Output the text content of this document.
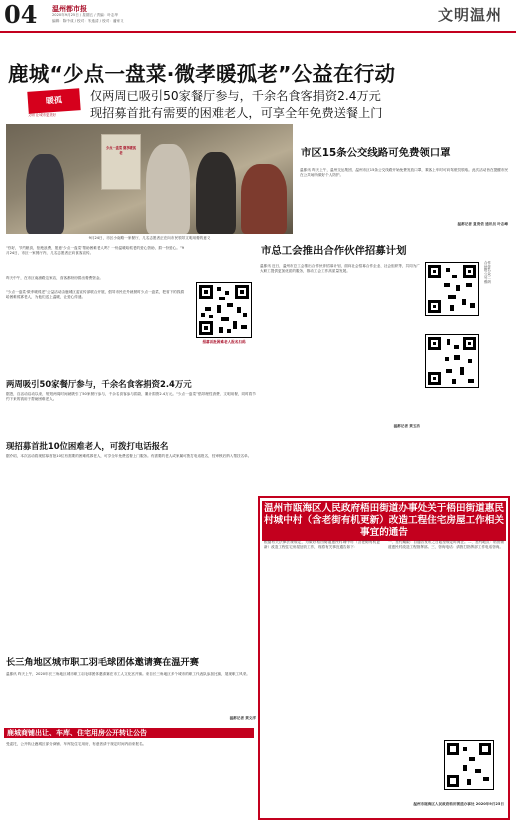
04 温州都市报
2020年9月25日 / 星期五 / 责编：叶志华
编辑：陈中成 / 校对：朱逸清 / 校对：潘家义	文明温州
鹿城“少点一盘菜·微孝暖孤老”公益在行动
暖孤
文明 让城市更美好
仅两周已吸引50家餐厅参与，千余名食客捐资2.4万元
现招募首批有需要的困难老人，可享全年免费送餐上门
少点一盘菜 微孝暖孤老
9月24日，市区小南路一家餐厅，几名志愿者正在向市民领导文明用餐的意义
“你好，节约粮食，拒绝浪费，愿意‘少点一盘菜’帮助困难老人吗？一份温暖给孤老的爱心资助，捐一份爱心。”9月24日，市区一家餐厅内，几名志愿者正向食客宣传。
昨天中午，在市区南浦路这家店，食客都纷纷捐出餐费资金。
“少点一盘菜·微孝暖孤老”公益活动由鹿城区委宣传部联合开展，倡导市民在外就餐时少点一盘菜，把省下的钱捐给困难孤寡老人，为他们送上温暖，让爱心传递。
招募首批困难老人报名扫码
两周吸引50家餐厅参与，千余名食客捐资2.4万元
据悉，自活动启动以来，短短两周时间就吸引了50家餐厅参与，千余名食客参与捐款，累计捐资2.4万元。“少点一盘菜”倡导理性消费、文明用餐，同时将节约下来的钱用于帮助困难老人。
现招募首批10位困难老人，可拨打电话报名
据介绍，本次活动将现招募首批10位有需要的困难孤寡老人，可享全年免费送餐上门服务。有需要的老人或家属可拨打电话报名，经审核后纳入帮扶名单。
长三角地区城市职工羽毛球团体邀请赛在温开赛
温都讯 昨天上午，2020年长三角地区城市职工羽毛球团体邀请赛在市工人文化宫开赛。来自长三角地区多个城市的职工代表队参加比赛，展现职工风采。
温都记者 黄文洋
鹿城商铺出让、车库、住宅用房公开转让公告
受委托，公开转让鹿城区部分商铺、车库及住宅用房，有意者请于规定时间内前来报名。
市区15条公交线路可免费领口罩
温都讯 昨天上午，温州交运集团、温州市区15条公交线路开始免费发放口罩，乘客上车时可向驾驶员领取。此次活动旨在提醒市民在公共场所做好个人防护。
温都记者 夏贵依 通讯员 叶志峰
市总工会推出合作伙伴招募计划
温都讯 近日，温州市总工会推出合作伙伴招募计划，面向社会招募合作企业、社会组织等，共同为广大职工提供更加优质的服务，推动工会工作高质量发展。
合作伙伴报名公众号二维码
温都记者 黄玉洁
温州市瓯海区人民政府梧田街道办事处关于梧田街道惠民村城中村（含老街有机更新）改造工程住宅房屋工作相关事宜的通告
根据有关法律法规规定，为做好梧田街道惠民村城中村（含老街有机更新）改造工程住宅房屋征收工作，现将有关事宜通告如下：
一、签约期限：自通告发布之日起至规定时间止。二、签约地点：梧田街道惠民村改造工程指挥部。三、咨询电话：请拨打指挥部工作电话咨询。
温州市瓯海区人民政府梧田街道办事处 2020年9月25日
